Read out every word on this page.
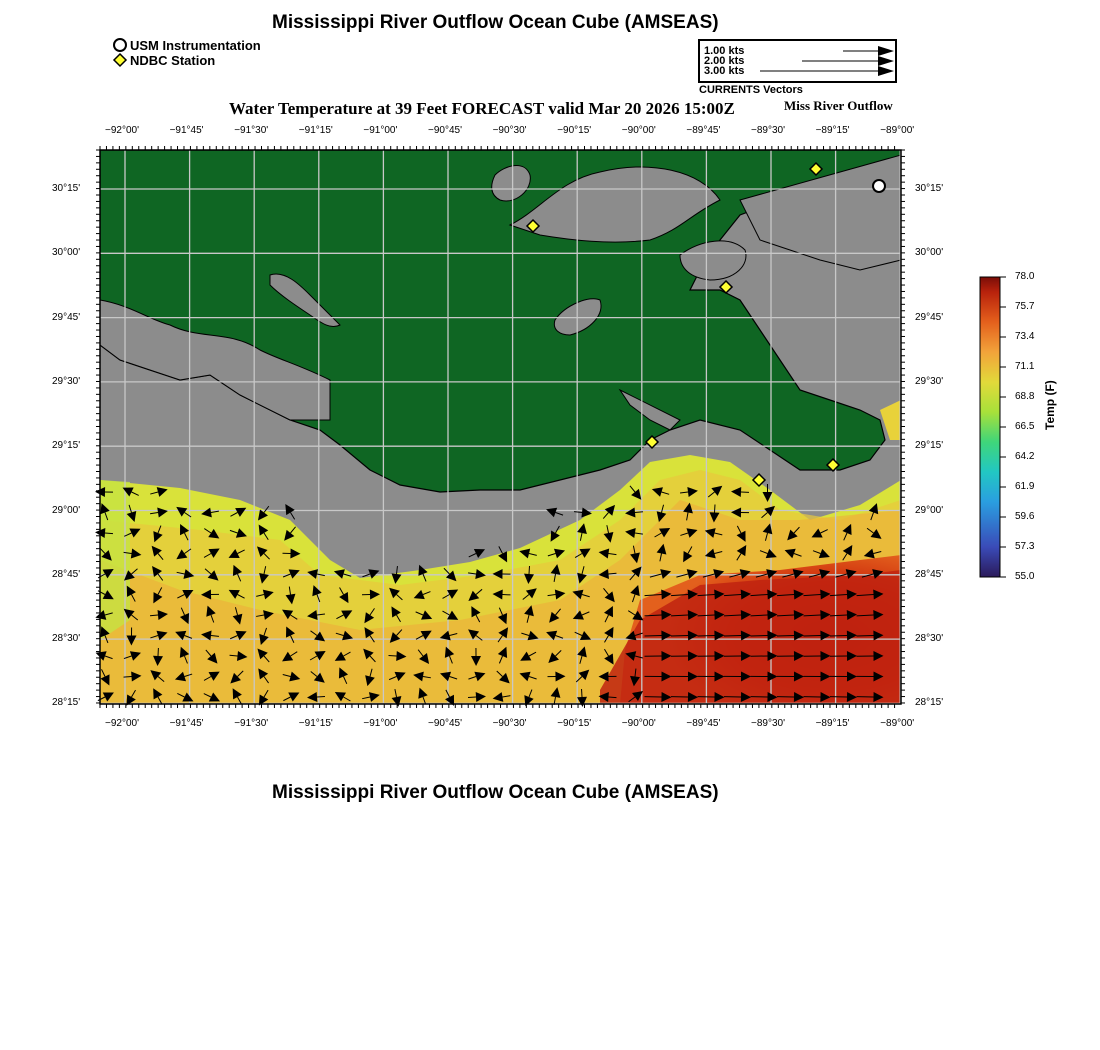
Mississippi River Outflow Ocean Cube (AMSEAS)
USM Instrumentation
NDBC Station
1.00 kts
2.00 kts
3.00 kts
CURRENTS Vectors
Water Temperature at 39 Feet FORECAST valid Mar 20 2026 15:00Z	Miss River Outflow
−92°00'	−91°45'	−91°30'	−91°15'	−91°00'	−90°45'	−90°30'	−90°15'	−90°00'	−89°45'	−89°30'	−89°15'	−89°00'
−92°00'	−91°45'	−91°30'	−91°15'	−91°00'	−90°45'	−90°30'	−90°15'	−90°00'	−89°45'	−89°30'	−89°15'	−89°00'
30°15'
30°00'
29°45'
29°30'
29°15'
29°00'
28°45'
28°30'
28°15'
30°15'
30°00'
29°45'
29°30'
29°15'
29°00'
28°45'
28°30'
28°15'
78.0
75.7
73.4
71.1
68.8
66.5
64.2
61.9
59.6
57.3
55.0
Temp (F)
Mississippi River Outflow Ocean Cube (AMSEAS)
